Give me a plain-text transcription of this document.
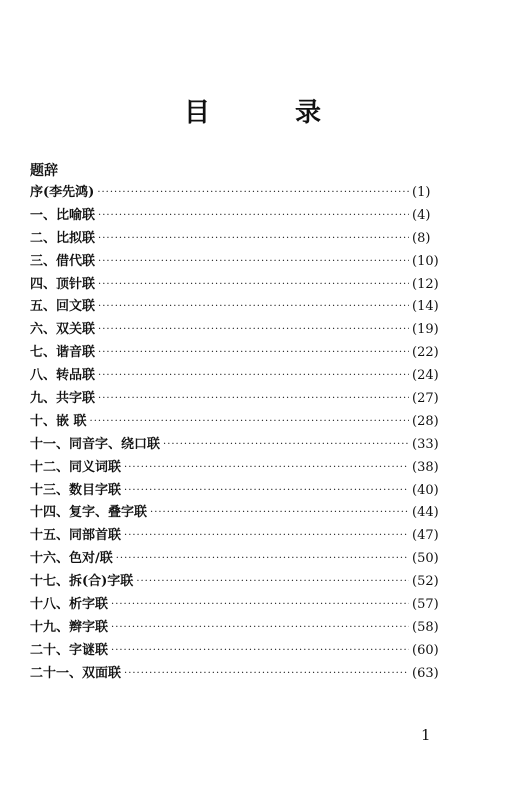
目 录
题辞
序(李先鸿) ·····	(1)
一、比喻联 ·····	(4)
二、比拟联 ·····	(8)
三、借代联 ·····	(10)
四、顶针联 ·····	(12)
五、回文联 ·····	(14)
六、双关联 ·····	(19)
七、谐音联 ·····	(22)
八、转品联 ·····	(24)
九、共字联 ·····	(27)
十、嵌 联 ·····	(28)
十一、同音字、绕口联 ·····	(33)
十二、同义词联 ·····	(38)
十三、数目字联 ·····	(40)
十四、复字、叠字联 ·····	(44)
十五、同部首联 ·····	(47)
十六、色对/联 ·····	(50)
十七、拆(合)字联 ·····	(52)
十八、析字联 ·····	(57)
十九、辫字联 ·····	(58)
二十、字谜联 ·····	(60)
二十一、双面联 ·····	(63)
1
